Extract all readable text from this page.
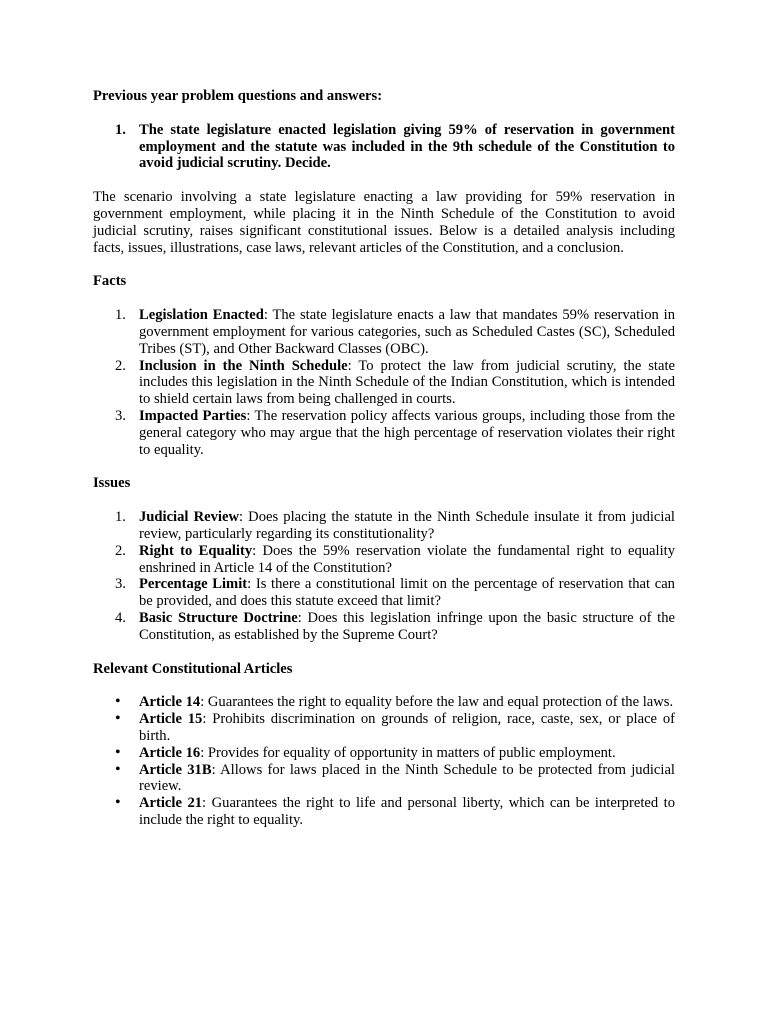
Previous year problem questions and answers:

1. The state legislature enacted legislation giving 59% of reservation in government employment and the statute was included in the 9th schedule of the Constitution to avoid judicial scrutiny. Decide.

The scenario involving a state legislature enacting a law providing for 59% reservation in government employment, while placing it in the Ninth Schedule of the Constitution to avoid judicial scrutiny, raises significant constitutional issues. Below is a detailed analysis including facts, issues, illustrations, case laws, relevant articles of the Constitution, and a conclusion.

Facts

1. Legislation Enacted: The state legislature enacts a law that mandates 59% reservation in government employment for various categories, such as Scheduled Castes (SC), Scheduled Tribes (ST), and Other Backward Classes (OBC).
2. Inclusion in the Ninth Schedule: To protect the law from judicial scrutiny, the state includes this legislation in the Ninth Schedule of the Indian Constitution, which is intended to shield certain laws from being challenged in courts.
3. Impacted Parties: The reservation policy affects various groups, including those from the general category who may argue that the high percentage of reservation violates their right to equality.

Issues

1. Judicial Review: Does placing the statute in the Ninth Schedule insulate it from judicial review, particularly regarding its constitutionality?
2. Right to Equality: Does the 59% reservation violate the fundamental right to equality enshrined in Article 14 of the Constitution?
3. Percentage Limit: Is there a constitutional limit on the percentage of reservation that can be provided, and does this statute exceed that limit?
4. Basic Structure Doctrine: Does this legislation infringe upon the basic structure of the Constitution, as established by the Supreme Court?

Relevant Constitutional Articles

• Article 14: Guarantees the right to equality before the law and equal protection of the laws.
• Article 15: Prohibits discrimination on grounds of religion, race, caste, sex, or place of birth.
• Article 16: Provides for equality of opportunity in matters of public employment.
• Article 31B: Allows for laws placed in the Ninth Schedule to be protected from judicial review.
• Article 21: Guarantees the right to life and personal liberty, which can be interpreted to include the right to equality.
